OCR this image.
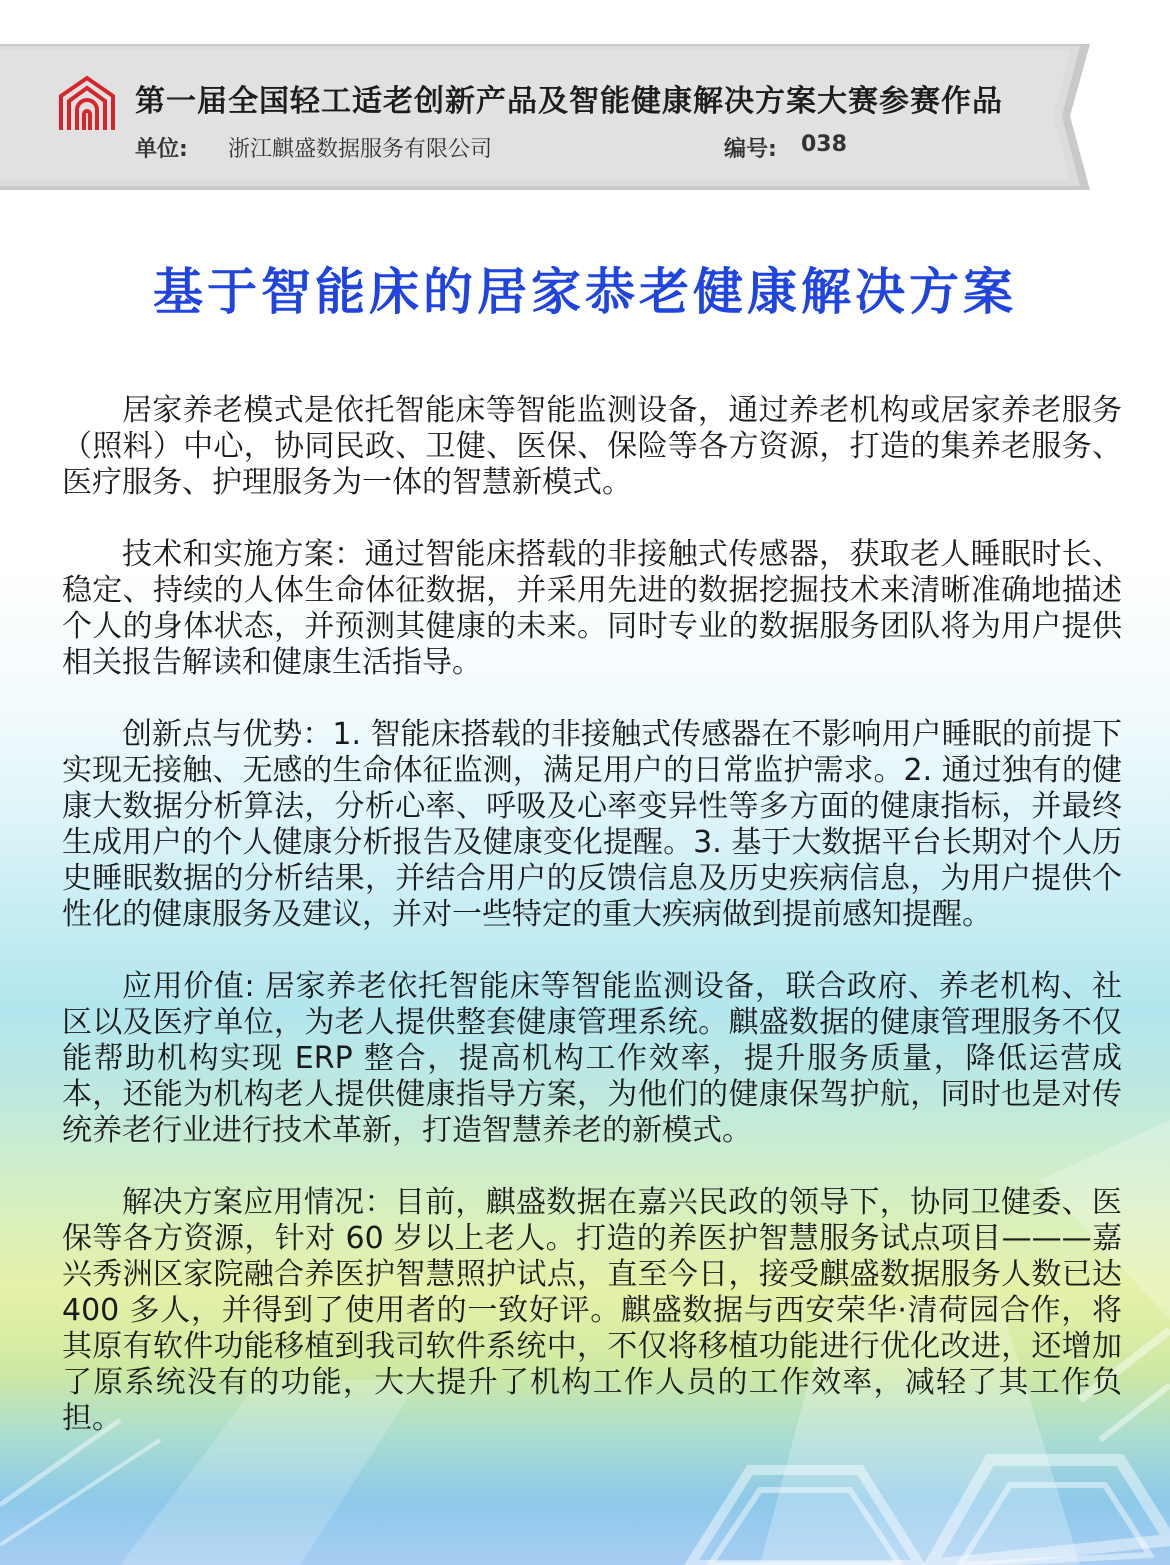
第一届全国轻工适老创新产品及智能健康解决方案大赛参赛作品
单位: 浙江麒盛数据服务有限公司	编号: 038
基于智能床的居家恭老健康解决方案

居家养老模式是依托智能床等智能监测设备，通过养老机构或居家养老服务（照料）中心，协同民政、卫健、医保、保险等各方资源，打造的集养老服务、医疗服务、护理服务为一体的智慧新模式。

技术和实施方案：通过智能床搭载的非接触式传感器，获取老人睡眠时长、稳定、持续的人体生命体征数据，并采用先进的数据挖掘技术来清晰准确地描述个人的身体状态，并预测其健康的未来。同时专业的数据服务团队将为用户提供相关报告解读和健康生活指导。

创新点与优势：1. 智能床搭载的非接触式传感器在不影响用户睡眠的前提下实现无接触、无感的生命体征监测，满足用户的日常监护需求。2. 通过独有的健康大数据分析算法，分析心率、呼吸及心率变异性等多方面的健康指标，并最终生成用户的个人健康分析报告及健康变化提醒。3. 基于大数据平台长期对个人历史睡眠数据的分析结果，并结合用户的反馈信息及历史疾病信息，为用户提供个性化的健康服务及建议，并对一些特定的重大疾病做到提前感知提醒。

应用价值: 居家养老依托智能床等智能监测设备，联合政府、养老机构、社区以及医疗单位，为老人提供整套健康管理系统。麒盛数据的健康管理服务不仅能帮助机构实现 ERP 整合，提高机构工作效率，提升服务质量，降低运营成本，还能为机构老人提供健康指导方案，为他们的健康保驾护航，同时也是对传统养老行业进行技术革新，打造智慧养老的新模式。

解决方案应用情况：目前，麒盛数据在嘉兴民政的领导下，协同卫健委、医保等各方资源，针对 60 岁以上老人。打造的养医护智慧服务试点项目———嘉兴秀洲区家院融合养医护智慧照护试点，直至今日，接受麒盛数据服务人数已达 400 多人，并得到了使用者的一致好评。麒盛数据与西安荣华·清荷园合作，将其原有软件功能移植到我司软件系统中，不仅将移植功能进行优化改进，还增加了原系统没有的功能，大大提升了机构工作人员的工作效率，减轻了其工作负担。
